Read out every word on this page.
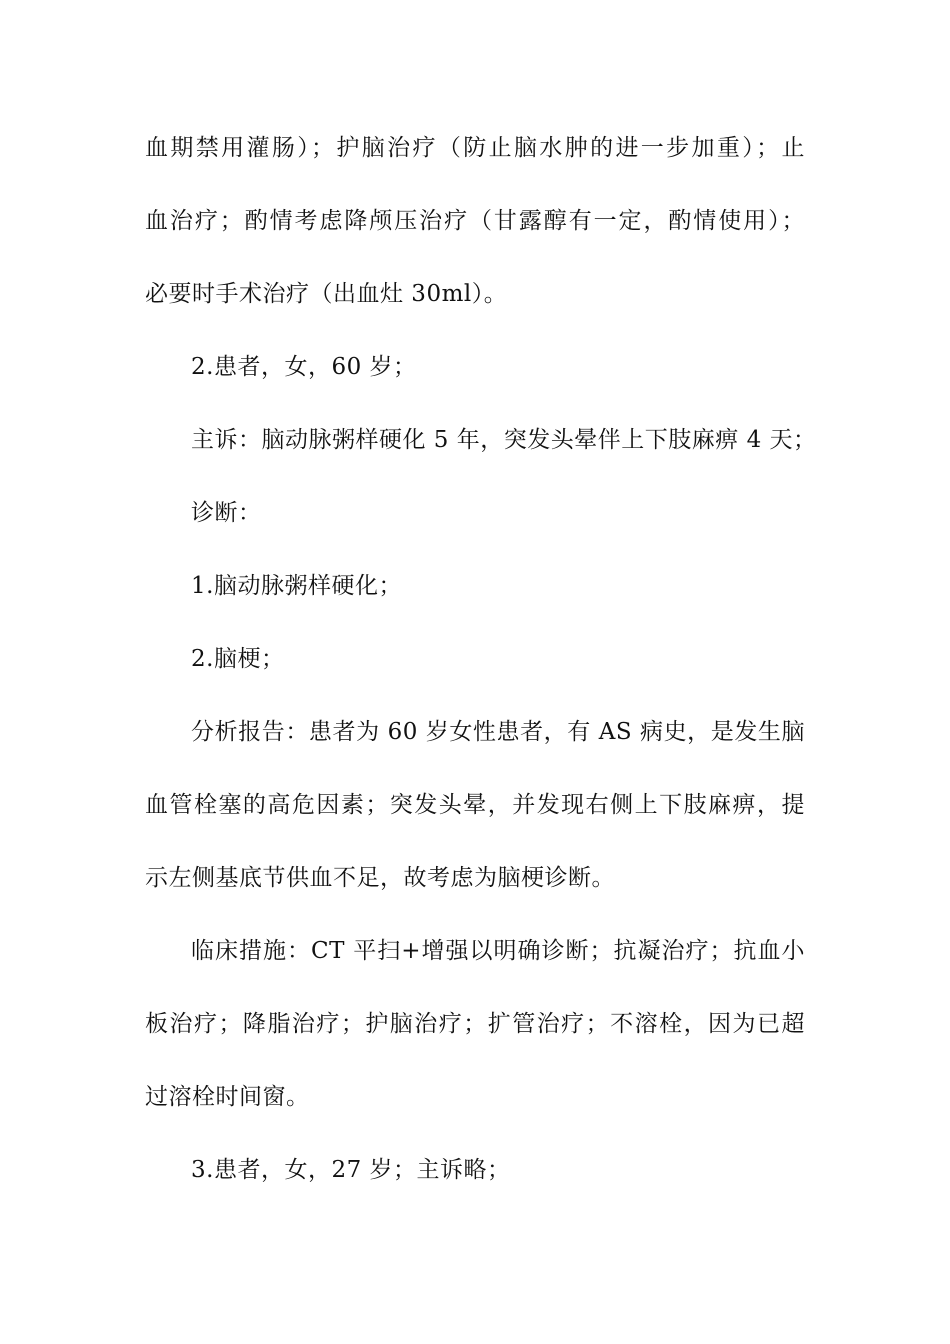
血期禁用灌肠）；护脑治疗（防止脑水肿的进一步加重）；止
血治疗；酌情考虑降颅压治疗（甘露醇有一定，酌情使用）；
必要时手术治疗（出血灶 30ml）。
2.患者，女，60 岁；
主诉：脑动脉粥样硬化 5 年，突发头晕伴上下肢麻痹 4 天；
诊断：
1.脑动脉粥样硬化；
2.脑梗；
分析报告：患者为 60 岁女性患者，有 AS 病史，是发生脑
血管栓塞的高危因素；突发头晕，并发现右侧上下肢麻痹，提
示左侧基底节供血不足，故考虑为脑梗诊断。
临床措施：CT 平扫+增强以明确诊断；抗凝治疗；抗血小
板治疗；降脂治疗；护脑治疗；扩管治疗；不溶栓，因为已超
过溶栓时间窗。
3.患者，女，27 岁；主诉略；
